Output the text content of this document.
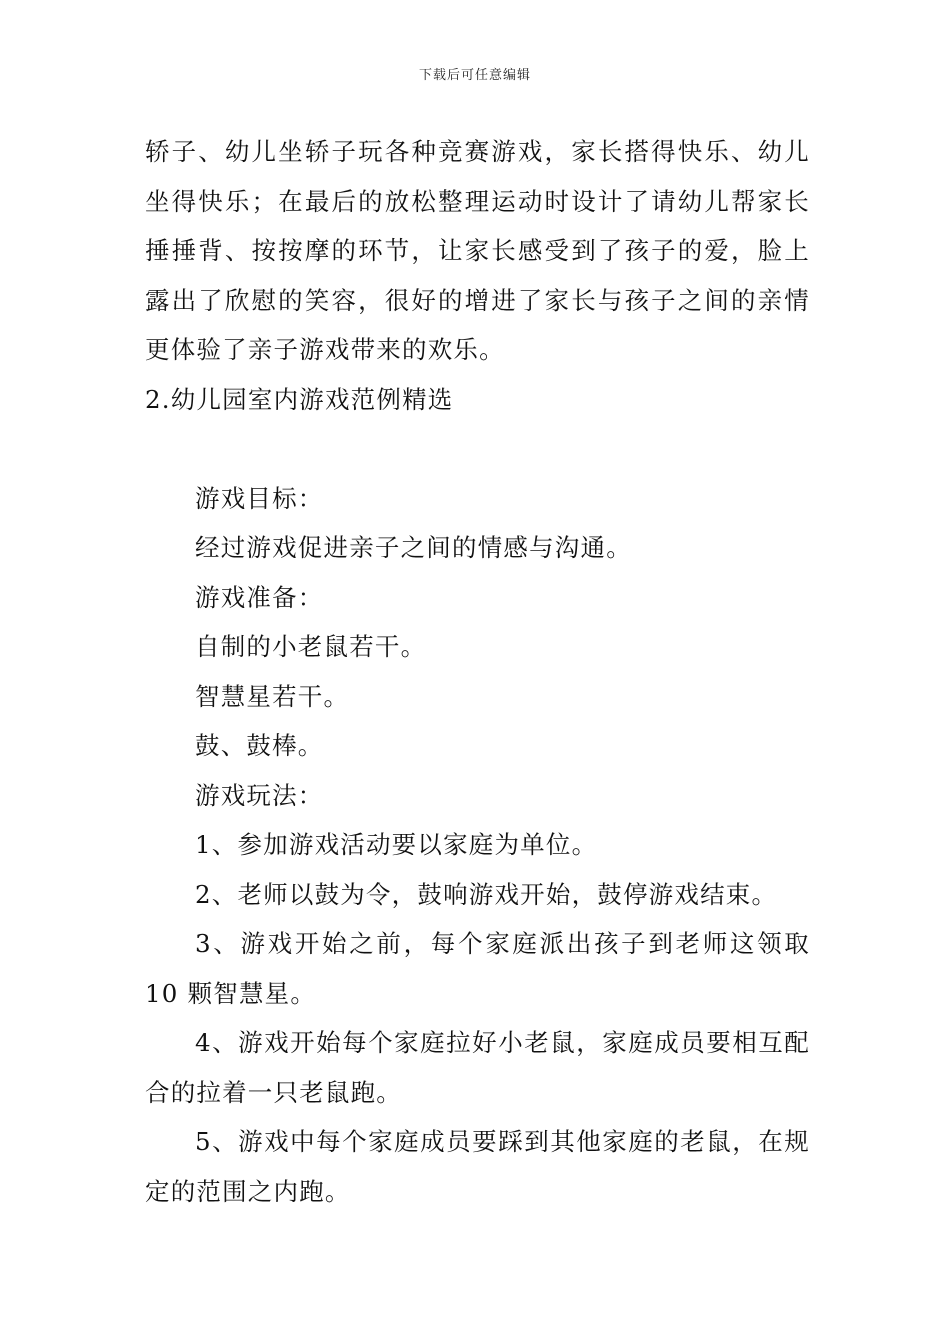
下载后可任意编辑

轿子、幼儿坐轿子玩各种竞赛游戏，家长搭得快乐、幼儿坐得快乐；在最后的放松整理运动时设计了请幼儿帮家长捶捶背、按按摩的环节，让家长感受到了孩子的爱，脸上露出了欣慰的笑容，很好的增进了家长与孩子之间的亲情更体验了亲子游戏带来的欢乐。

2.幼儿园室内游戏范例精选

游戏目标：

经过游戏促进亲子之间的情感与沟通。

游戏准备：

自制的小老鼠若干。

智慧星若干。

鼓、鼓棒。

游戏玩法：

1、参加游戏活动要以家庭为单位。

2、老师以鼓为令，鼓响游戏开始，鼓停游戏结束。

3、游戏开始之前，每个家庭派出孩子到老师这领取 10 颗智慧星。

4、游戏开始每个家庭拉好小老鼠，家庭成员要相互配合的拉着一只老鼠跑。

5、游戏中每个家庭成员要踩到其他家庭的老鼠，在规定的范围之内跑。
